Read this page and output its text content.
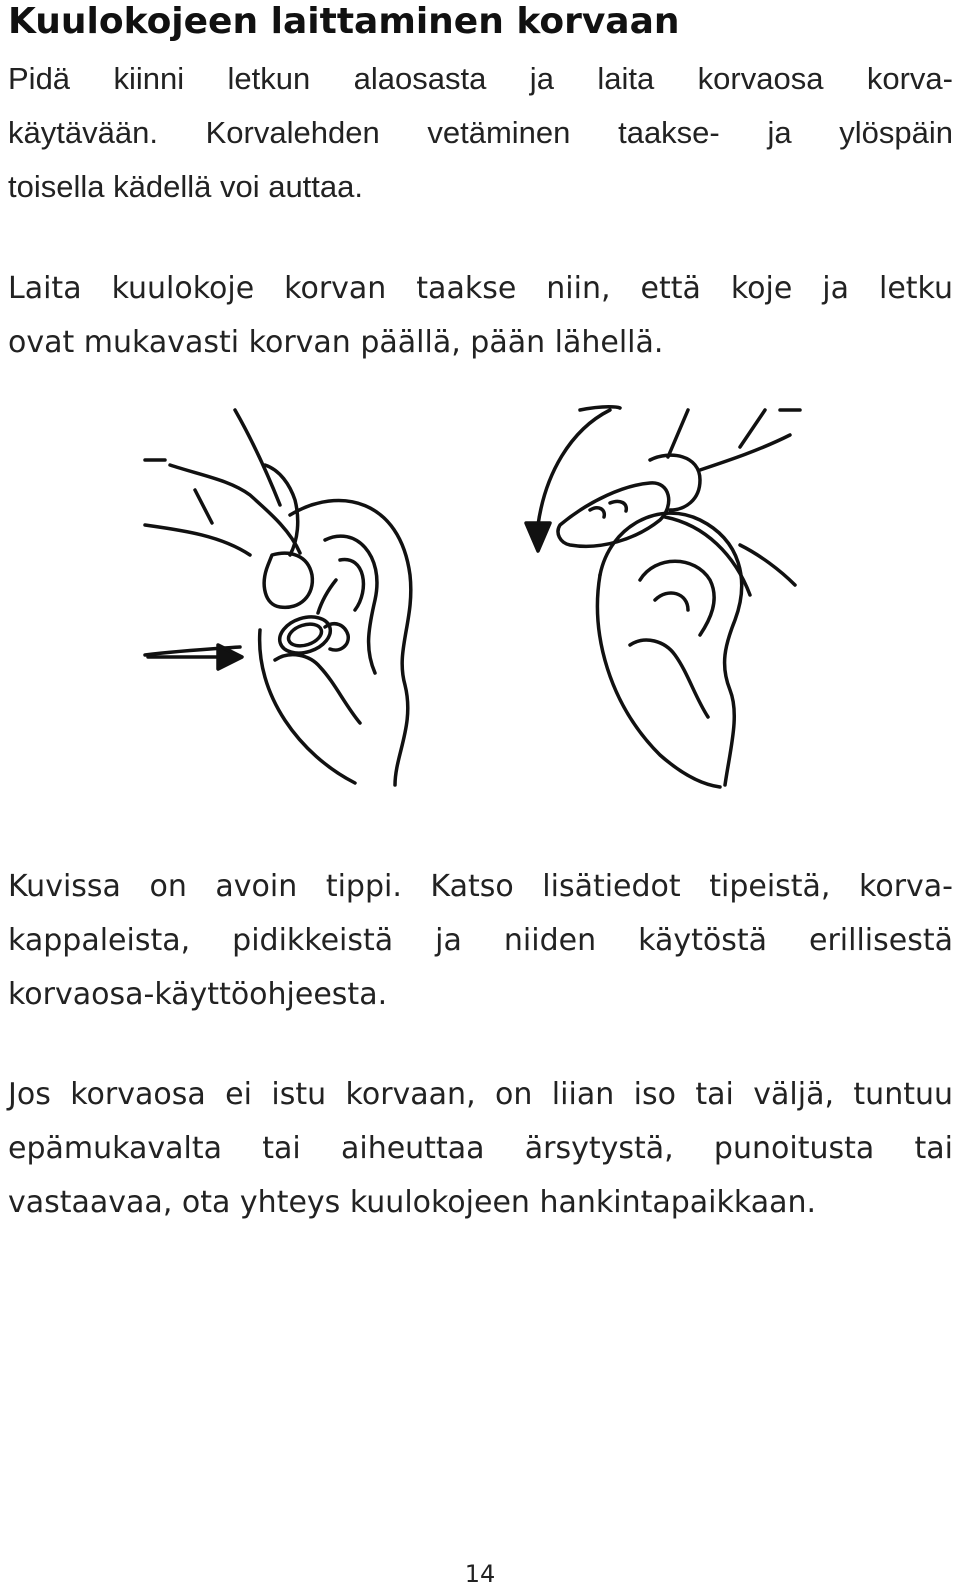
Kuulokojeen laittaminen korvaan
Pidä kiinni letkun alaosasta ja laita korvaosa korva-
käytävään. Korvalehden vetäminen taakse- ja ylöspäin
toisella kädellä voi auttaa.
Laita kuulokoje korvan taakse niin, että koje ja letku
ovat mukavasti korvan päällä, pään lähellä.
Kuvissa on avoin tippi. Katso lisätiedot tipeistä, korva-
kappaleista, pidikkeistä ja niiden käytöstä erillisestä
korvaosa-käyttöohjeesta.
Jos korvaosa ei istu korvaan, on liian iso tai väljä, tuntuu
epämukavalta tai aiheuttaa ärsytystä, punoitusta tai
vastaavaa, ota yhteys kuulokojeen hankintapaikkaan.
14
